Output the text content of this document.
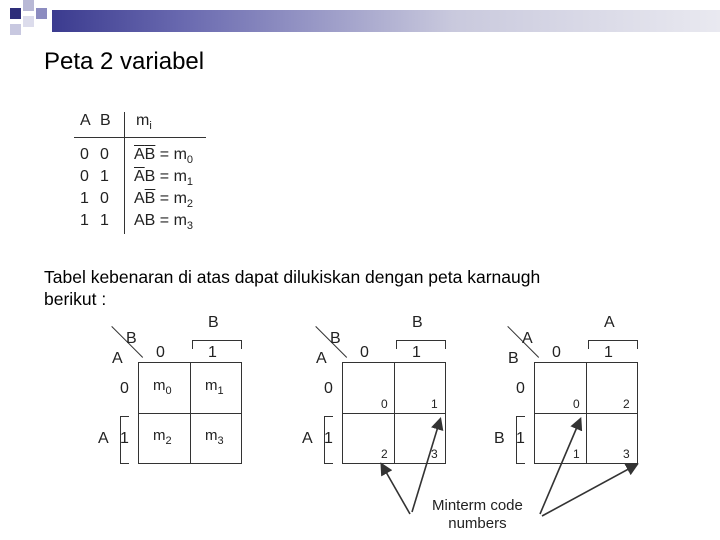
Peta 2 variabel
A B $m_i$
0 0 $\overline{A}\overline{B} = m_0$
0 1 $\overline{A}B = m_1$
1 0 $A\overline{B} = m_2$
1 1 AB = $m_3$
Tabel kebenaran di atas dapat dilukiskan dengan peta karnaugh
berikut :
B
A
B
0	1
0
1
A
$m_0$ $m_1$
$m_2$ $m_3$
B
A
B
0	1
0
1
A
0	1
2	3
A
B
A
0	1
0
1
B
0	2
1	3
Minterm code
numbers
